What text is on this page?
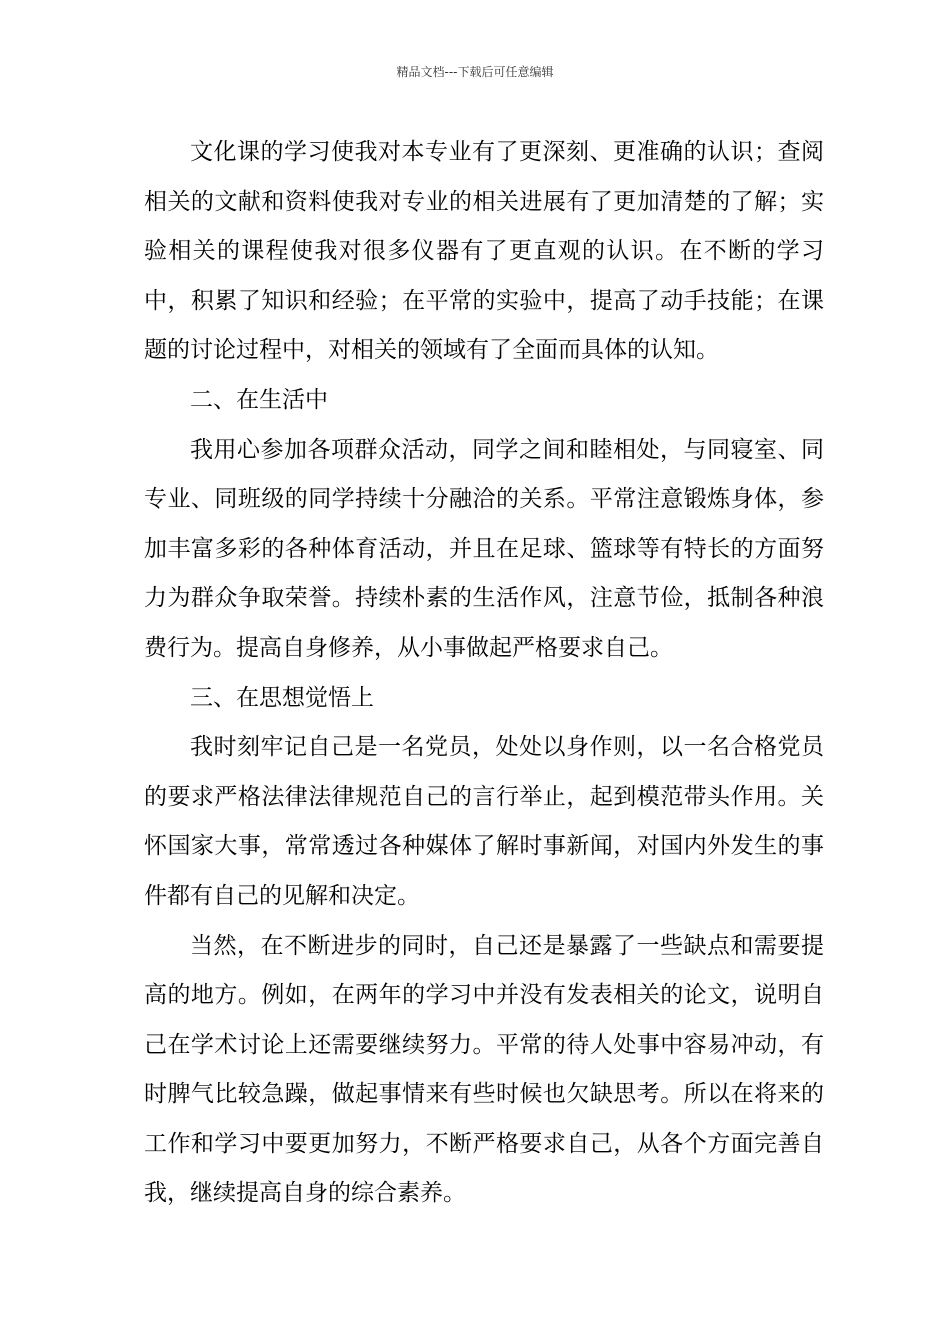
精品文档---下载后可任意编辑

文化课的学习使我对本专业有了更深刻、更准确的认识；查阅相关的文献和资料使我对专业的相关进展有了更加清楚的了解；实验相关的课程使我对很多仪器有了更直观的认识。在不断的学习中，积累了知识和经验；在平常的实验中，提高了动手技能；在课题的讨论过程中，对相关的领域有了全面而具体的认知。

二、在生活中

我用心参加各项群众活动，同学之间和睦相处，与同寝室、同专业、同班级的同学持续十分融洽的关系。平常注意锻炼身体，参加丰富多彩的各种体育活动，并且在足球、篮球等有特长的方面努力为群众争取荣誉。持续朴素的生活作风，注意节俭，抵制各种浪费行为。提高自身修养，从小事做起严格要求自己。

三、在思想觉悟上

我时刻牢记自己是一名党员，处处以身作则，以一名合格党员的要求严格法律法律规范自己的言行举止，起到模范带头作用。关怀国家大事，常常透过各种媒体了解时事新闻，对国内外发生的事件都有自己的见解和决定。

当然，在不断进步的同时，自己还是暴露了一些缺点和需要提高的地方。例如，在两年的学习中并没有发表相关的论文，说明自己在学术讨论上还需要继续努力。平常的待人处事中容易冲动，有时脾气比较急躁，做起事情来有些时候也欠缺思考。所以在将来的工作和学习中要更加努力，不断严格要求自己，从各个方面完善自我，继续提高自身的综合素养。
